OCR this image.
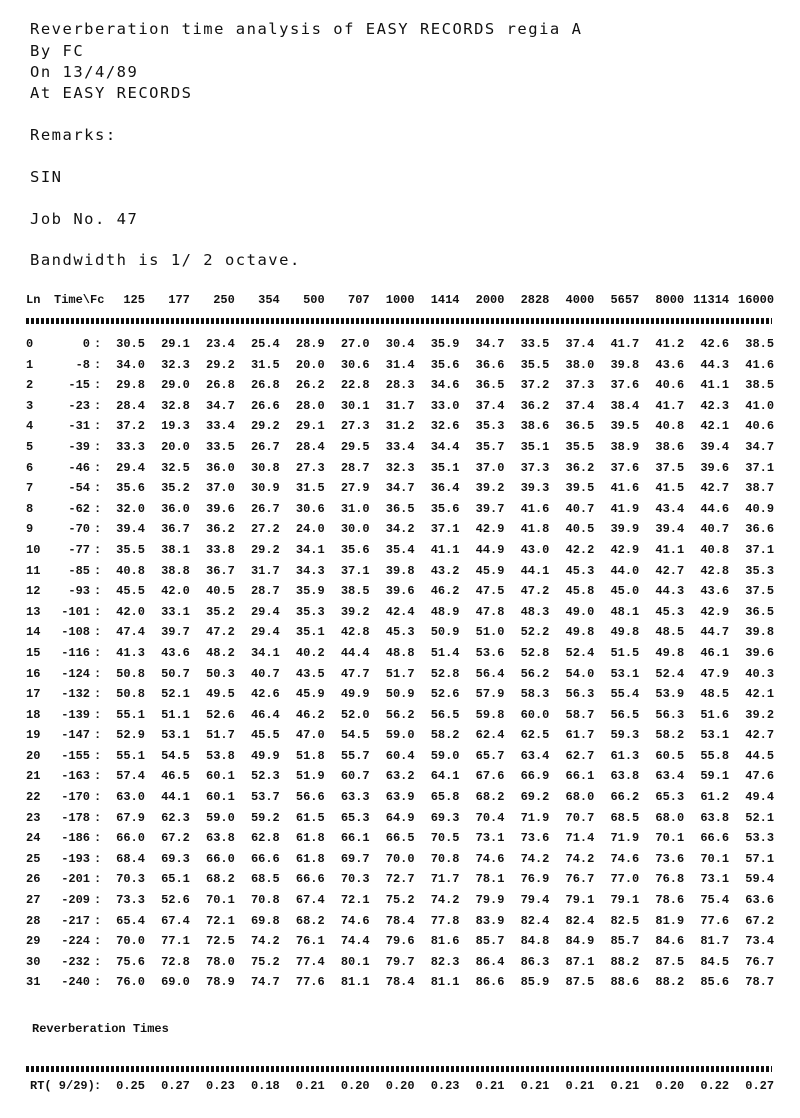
Reverberation time analysis of EASY RECORDS regia A
By FC
On 13/4/89
At EASY RECORDS
Remarks:
SIN
Job No. 47
Bandwidth is 1/ 2 octave.
Ln	Time\Fc	125	177	250	354	500	707	1000	1414	2000	2828	4000	5657	8000 11314 16000
0	0 :	30.5	29.1	23.4	25.4	28.9	27.0	30.4	35.9	34.7	33.5	37.4	41.7	41.2	42.6	38.5
1	-8 :	34.0	32.3	29.2	31.5	20.0	30.6	31.4	35.6	36.6	35.5	38.0	39.8	43.6	44.3	41.6
2	-15 :	29.8	29.0	26.8	26.8	26.2	22.8	28.3	34.6	36.5	37.2	37.3	37.6	40.6	41.1	38.5
3	-23 :	28.4	32.8	34.7	26.6	28.0	30.1	31.7	33.0	37.4	36.2	37.4	38.4	41.7	42.3	41.0
4	-31 :	37.2	19.3	33.4	29.2	29.1	27.3	31.2	32.6	35.3	38.6	36.5	39.5	40.8	42.1	40.6
5	-39 :	33.3	20.0	33.5	26.7	28.4	29.5	33.4	34.4	35.7	35.1	35.5	38.9	38.6	39.4	34.7
6	-46 :	29.4	32.5	36.0	30.8	27.3	28.7	32.3	35.1	37.0	37.3	36.2	37.6	37.5	39.6	37.1
7	-54 :	35.6	35.2	37.0	30.9	31.5	27.9	34.7	36.4	39.2	39.3	39.5	41.6	41.5	42.7	38.7
8	-62 :	32.0	36.0	39.6	26.7	30.6	31.0	36.5	35.6	39.7	41.6	40.7	41.9	43.4	44.6	40.9
9	-70 :	39.4	36.7	36.2	27.2	24.0	30.0	34.2	37.1	42.9	41.8	40.5	39.9	39.4	40.7	36.6
10	-77 :	35.5	38.1	33.8	29.2	34.1	35.6	35.4	41.1	44.9	43.0	42.2	42.9	41.1	40.8	37.1
11	-85 :	40.8	38.8	36.7	31.7	34.3	37.1	39.8	43.2	45.9	44.1	45.3	44.0	42.7	42.8	35.3
12	-93 :	45.5	42.0	40.5	28.7	35.9	38.5	39.6	46.2	47.5	47.2	45.8	45.0	44.3	43.6	37.5
13	-101 :	42.0	33.1	35.2	29.4	35.3	39.2	42.4	48.9	47.8	48.3	49.0	48.1	45.3	42.9	36.5
14	-108 :	47.4	39.7	47.2	29.4	35.1	42.8	45.3	50.9	51.0	52.2	49.8	49.8	48.5	44.7	39.8
15	-116 :	41.3	43.6	48.2	34.1	40.2	44.4	48.8	51.4	53.6	52.8	52.4	51.5	49.8	46.1	39.6
16	-124 :	50.8	50.7	50.3	40.7	43.5	47.7	51.7	52.8	56.4	56.2	54.0	53.1	52.4	47.9	40.3
17	-132 :	50.8	52.1	49.5	42.6	45.9	49.9	50.9	52.6	57.9	58.3	56.3	55.4	53.9	48.5	42.1
18	-139 :	55.1	51.1	52.6	46.4	46.2	52.0	56.2	56.5	59.8	60.0	58.7	56.5	56.3	51.6	39.2
19	-147 :	52.9	53.1	51.7	45.5	47.0	54.5	59.0	58.2	62.4	62.5	61.7	59.3	58.2	53.1	42.7
20	-155 :	55.1	54.5	53.8	49.9	51.8	55.7	60.4	59.0	65.7	63.4	62.7	61.3	60.5	55.8	44.5
21	-163 :	57.4	46.5	60.1	52.3	51.9	60.7	63.2	64.1	67.6	66.9	66.1	63.8	63.4	59.1	47.6
22	-170 :	63.0	44.1	60.1	53.7	56.6	63.3	63.9	65.8	68.2	69.2	68.0	66.2	65.3	61.2	49.4
23	-178 :	67.9	62.3	59.0	59.2	61.5	65.3	64.9	69.3	70.4	71.9	70.7	68.5	68.0	63.8	52.1
24	-186 :	66.0	67.2	63.8	62.8	61.8	66.1	66.5	70.5	73.1	73.6	71.4	71.9	70.1	66.6	53.3
25	-193 :	68.4	69.3	66.0	66.6	61.8	69.7	70.0	70.8	74.6	74.2	74.2	74.6	73.6	70.1	57.1
26	-201 :	70.3	65.1	68.2	68.5	66.6	70.3	72.7	71.7	78.1	76.9	76.7	77.0	76.8	73.1	59.4
27	-209 :	73.3	52.6	70.1	70.8	67.4	72.1	75.2	74.2	79.9	79.4	79.1	79.1	78.6	75.4	63.6
28	-217 :	65.4	67.4	72.1	69.8	68.2	74.6	78.4	77.8	83.9	82.4	82.4	82.5	81.9	77.6	67.2
29	-224 :	70.0	77.1	72.5	74.2	76.1	74.4	79.6	81.6	85.7	84.8	84.9	85.7	84.6	81.7	73.4
30	-232 :	75.6	72.8	78.0	75.2	77.4	80.1	79.7	82.3	86.4	86.3	87.1	88.2	87.5	84.5	76.7
31	-240 :	76.0	69.0	78.9	74.7	77.6	81.1	78.4	81.1	86.6	85.9	87.5	88.6	88.2	85.6	78.7
Reverberation Times
RT( 9/29) :	0.25	0.27	0.23	0.18	0.21	0.20	0.20	0.23	0.21	0.21	0.21	0.21	0.20	0.22	0.27
